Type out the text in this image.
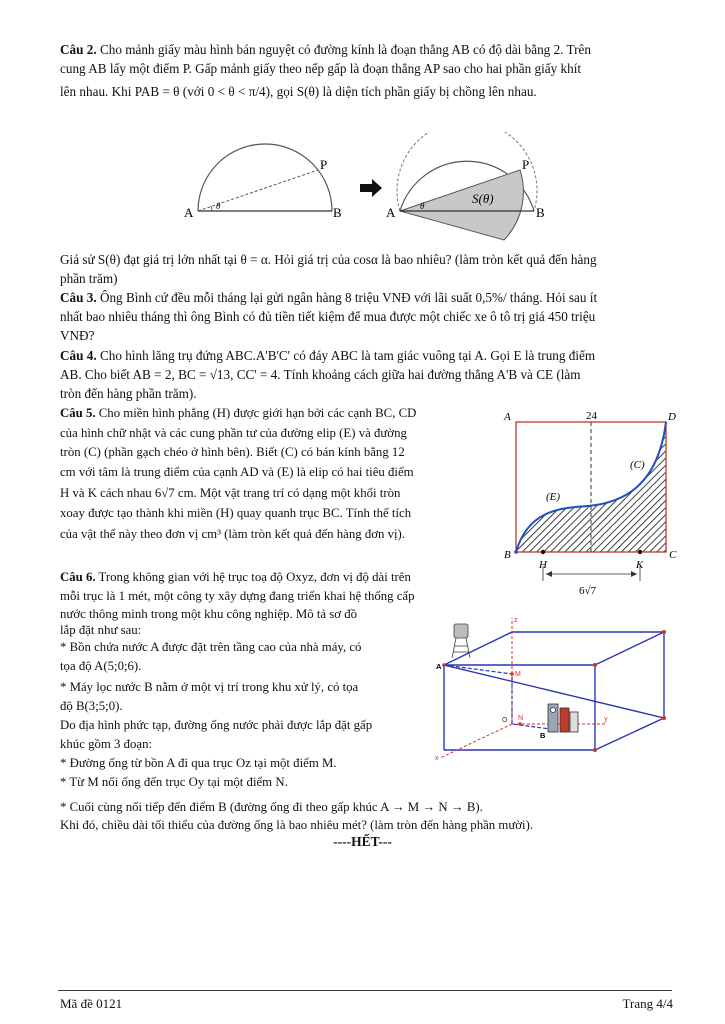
Câu 2. Cho mảnh giấy màu hình bán nguyệt có đường kính là đoạn thẳng AB có độ dài bằng 2. Trên
cung AB lấy một điểm P. Gấp mảnh giấy theo nếp gấp là đoạn thẳng AP sao cho hai phần giấy khít
lên nhau. Khi PAB = θ (với 0 < θ < π/4), gọi S(θ) là diện tích phần giấy bị chồng lên nhau.
A	B
P
θ	A	B
P
θ	S(θ)
Giả sử S(θ) đạt giá trị lớn nhất tại θ = α. Hỏi giá trị của cosα là bao nhiêu? (làm tròn kết quả đến hàng
phần trăm)
Câu 3. Ông Bình cứ đều mỗi tháng lại gửi ngân hàng 8 triệu VNĐ với lãi suất 0,5%/ tháng. Hỏi sau ít
nhất bao nhiêu tháng thì ông Bình có đủ tiền tiết kiệm để mua được một chiếc xe ô tô trị giá 450 triệu
VNĐ?
Câu 4. Cho hình lăng trụ đứng ABC.A'B'C' có đáy ABC là tam giác vuông tại A. Gọi E là trung điểm
AB. Cho biết AB = 2, BC = √13, CC' = 4. Tính khoảng cách giữa hai đường thẳng A'B và CE (làm
tròn đến hàng phần trăm).
Câu 5. Cho miền hình phẳng (H) được giới hạn bởi các cạnh BC, CD
của hình chữ nhật và các cung phần tư của đường elip (E) và đường
tròn (C) (phần gạch chéo ở hình bên). Biết (C) có bán kính bằng 12
cm với tâm là trung điểm của cạnh AD và (E) là elip có hai tiêu điểm
H và K cách nhau 6√7 cm. Một vật trang trí có dạng một khối tròn
xoay được tạo thành khi miền (H) quay quanh trục BC. Tính thể tích
của vật thể này theo đơn vị cm³ (làm tròn kết quả đến hàng đơn vị).
A	D
B	C
H	K
24
6√7
(E)
(C)
Câu 6. Trong không gian với hệ trục toạ độ Oxyz, đơn vị độ dài trên
mỗi trục là 1 mét, một công ty xây dựng đang triển khai hệ thống cấp
nước thông minh trong một khu công nghiệp. Mô tả sơ đồ
lắp đặt như sau:
* Bồn chứa nước A được đặt trên tầng cao của nhà máy, có
tọa độ A(5;0;6).
* Máy lọc nước B nằm ở một vị trí trong khu xử lý, có tọa
độ B(3;5;0).
Do địa hình phức tạp, đường ống nước phải được lắp đặt gấp
khúc gồm 3 đoạn:
* Đường ống từ bồn A đi qua trục Oz tại một điểm M.
* Từ M nối ống đến trục Oy tại một điểm N.
* Cuối cùng nối tiếp đến điểm B (đường ống đi theo gấp khúc A → M → N → B).
Khi đó, chiều dài tối thiểu của đường ống là bao nhiêu mét? (làm tròn đến hàng phần mười).
z
y
x
A
M
N
O
B
----HẾT---
Mã đề 0121	Trang 4/4
